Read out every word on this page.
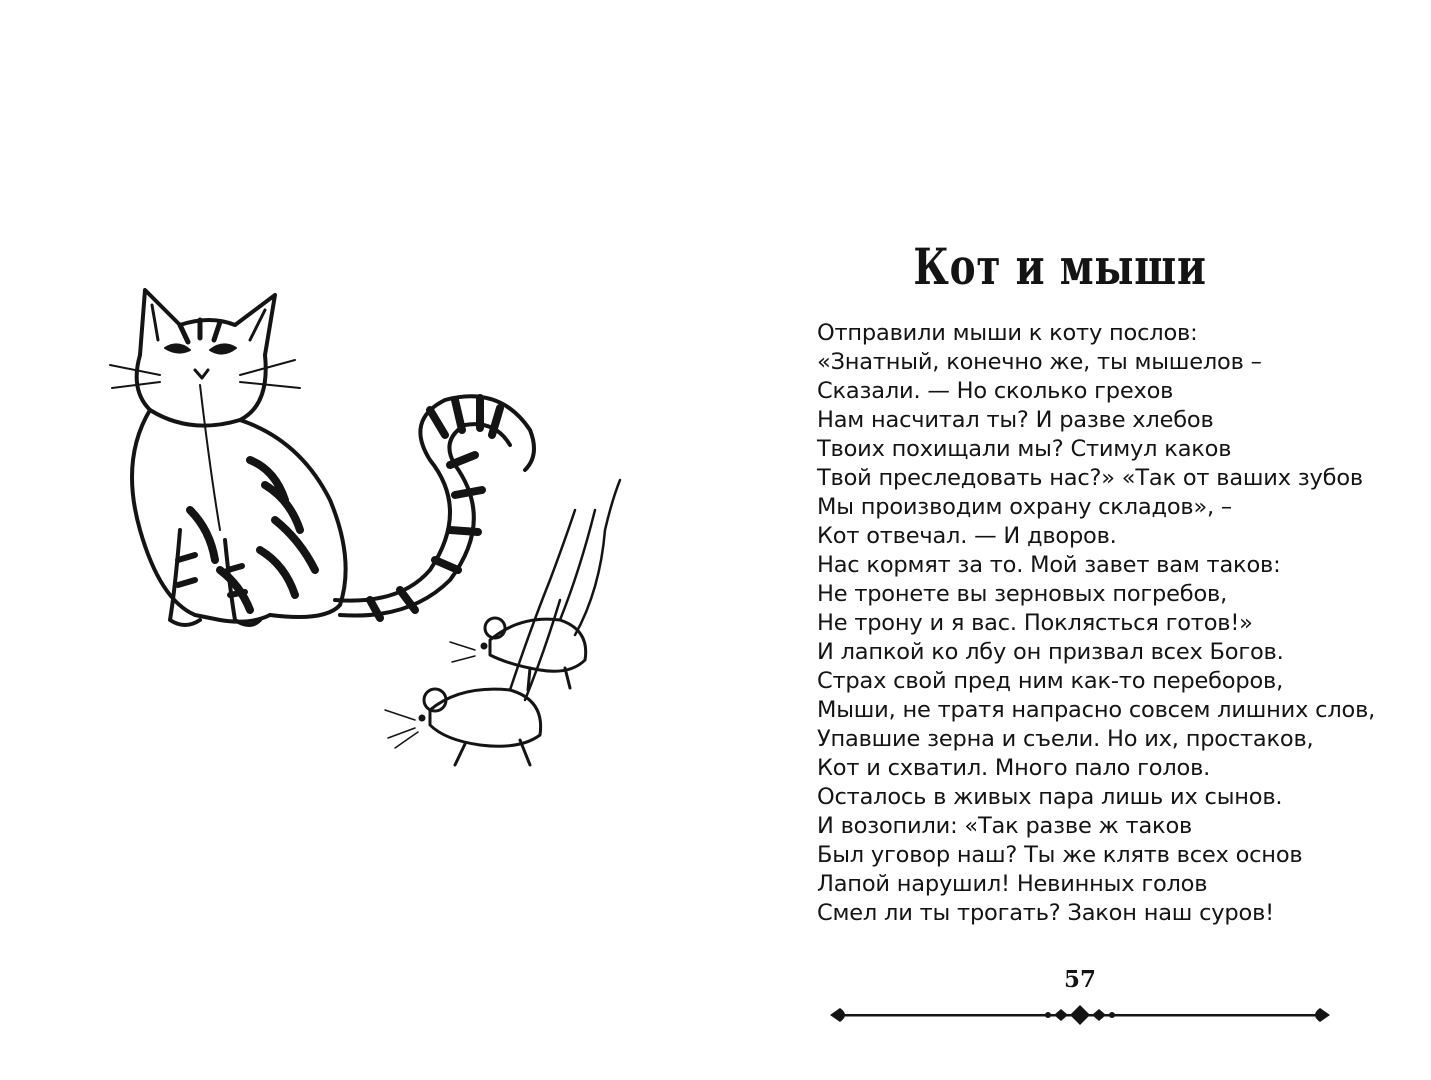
Кот и мыши
Отправили мыши к коту послов:
«Знатный, конечно же, ты мышелов –
Сказали. — Но сколько грехов
Нам насчитал ты? И разве хлебов
Твоих похищали мы? Стимул каков
Твой преследовать нас?» «Так от ваших зубов
Мы производим охрану складов», –
Кот отвечал. — И дворов.
Нас кормят за то. Мой завет вам таков:
Не тронете вы зерновых погребов,
Не трону и я вас. Поклясться готов!»
И лапкой ко лбу он призвал всех Богов.
Страх свой пред ним как-то переборов,
Мыши, не тратя напрасно совсем лишних слов,
Упавшие зерна и съели. Но их, простаков,
Кот и схватил. Много пало голов.
Осталось в живых пара лишь их сынов.
И возопили: «Так разве ж таков
Был уговор наш? Ты же клятв всех основ
Лапой нарушил! Невинных голов
Смел ли ты трогать? Закон наш суров!
57
